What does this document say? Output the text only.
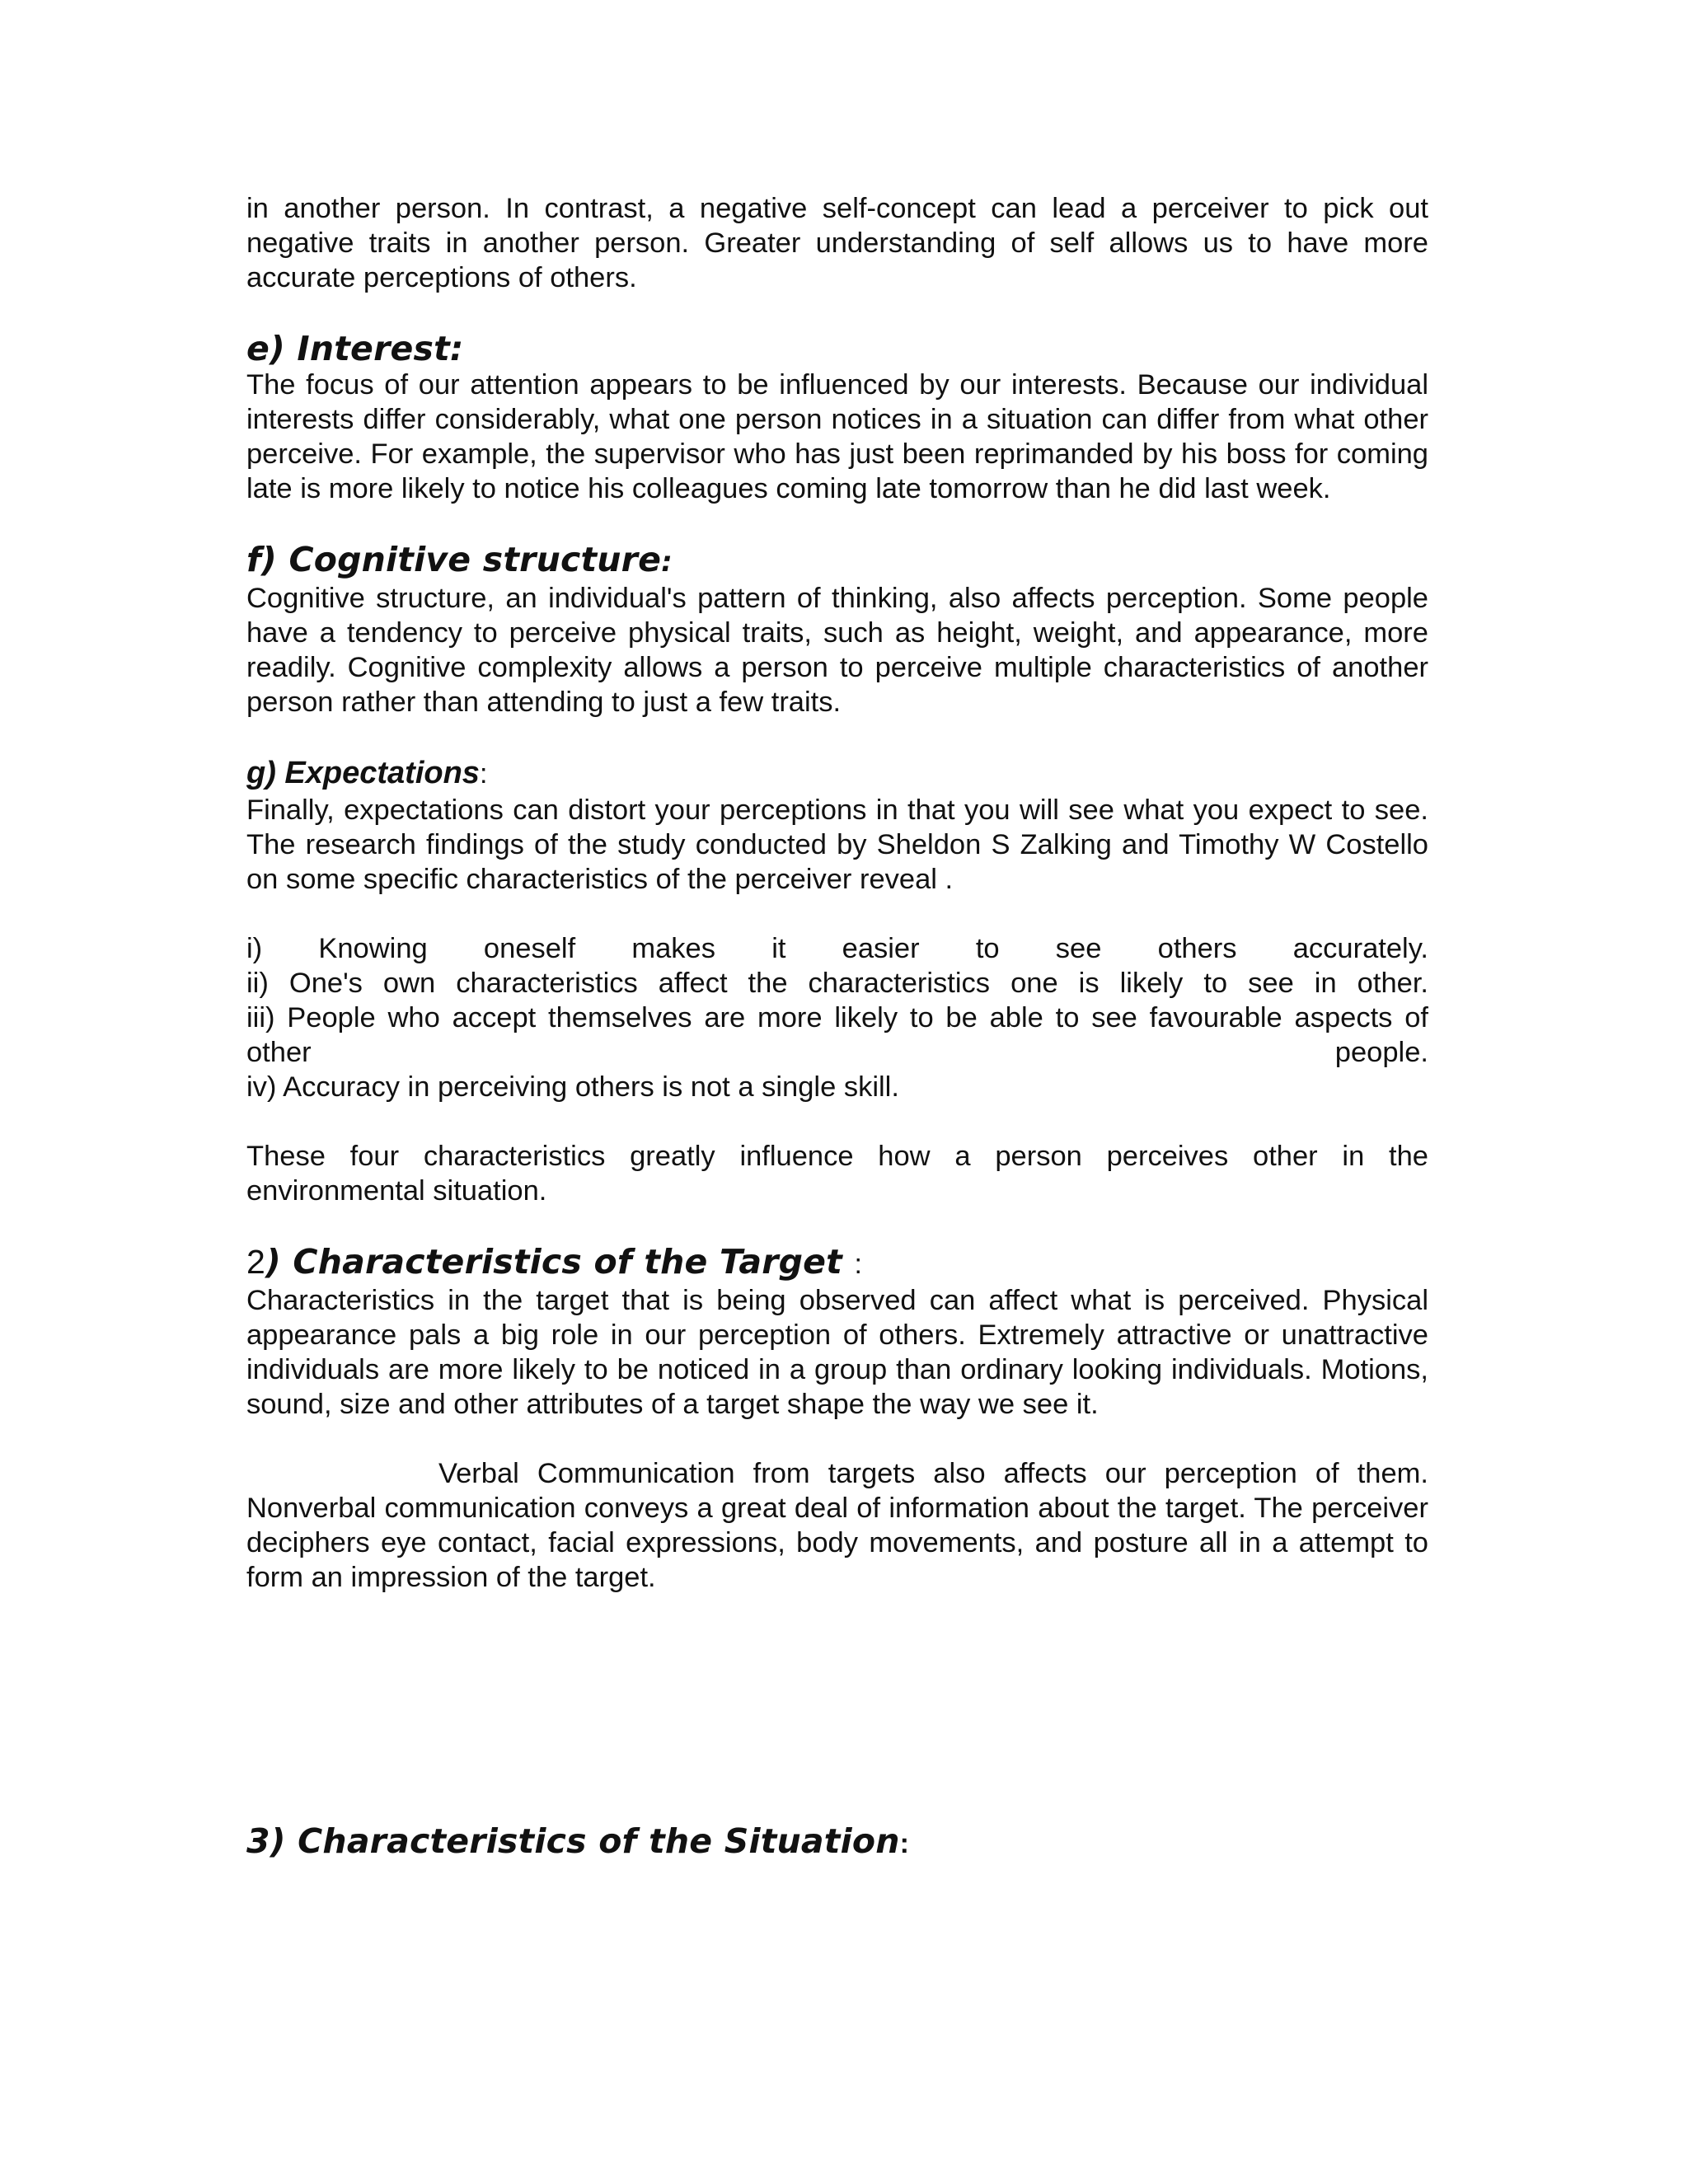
in another person. In contrast, a negative self-concept can lead a perceiver to pick out negative traits in another person. Greater understanding of self allows us to have more accurate perceptions of others.

e) Interest:

The focus of our attention appears to be influenced by our interests. Because our individual interests differ considerably, what one person notices in a situation can differ from what other perceive. For example, the supervisor who has just been reprimanded by his boss for coming late is more likely to notice his colleagues coming late tomorrow than he did last week.

f) Cognitive structure:

Cognitive structure, an individual's pattern of thinking, also affects perception. Some people have a tendency to perceive physical traits, such as height, weight, and appearance, more readily. Cognitive complexity allows a person to perceive multiple characteristics of another person rather than attending to just a few traits.

g) Expectations:

Finally, expectations can distort your perceptions in that you will see what you expect to see. The research findings of the study conducted by Sheldon S Zalking and Timothy W Costello on some specific characteristics of the perceiver reveal .

i) Knowing oneself makes it easier to see others accurately.

ii) One's own characteristics affect the characteristics one is likely to see in other.

iii) People who accept themselves are more likely to be able to see favourable aspects of other people.

iv) Accuracy in perceiving others is not a single skill.

These four characteristics greatly influence how a person perceives other in the environmental situation.

2) Characteristics of the Target :

Characteristics in the target that is being observed can affect what is perceived. Physical appearance pals a big role in our perception of others. Extremely attractive or unattractive individuals are more likely to be noticed in a group than ordinary looking individuals. Motions, sound, size and other attributes of a target shape the way we see it.

Verbal Communication from targets also affects our perception of them. Nonverbal communication conveys a great deal of information about the target. The perceiver deciphers eye contact, facial expressions, body movements, and posture all in a attempt to form an impression of the target.

3) Characteristics of the Situation:
